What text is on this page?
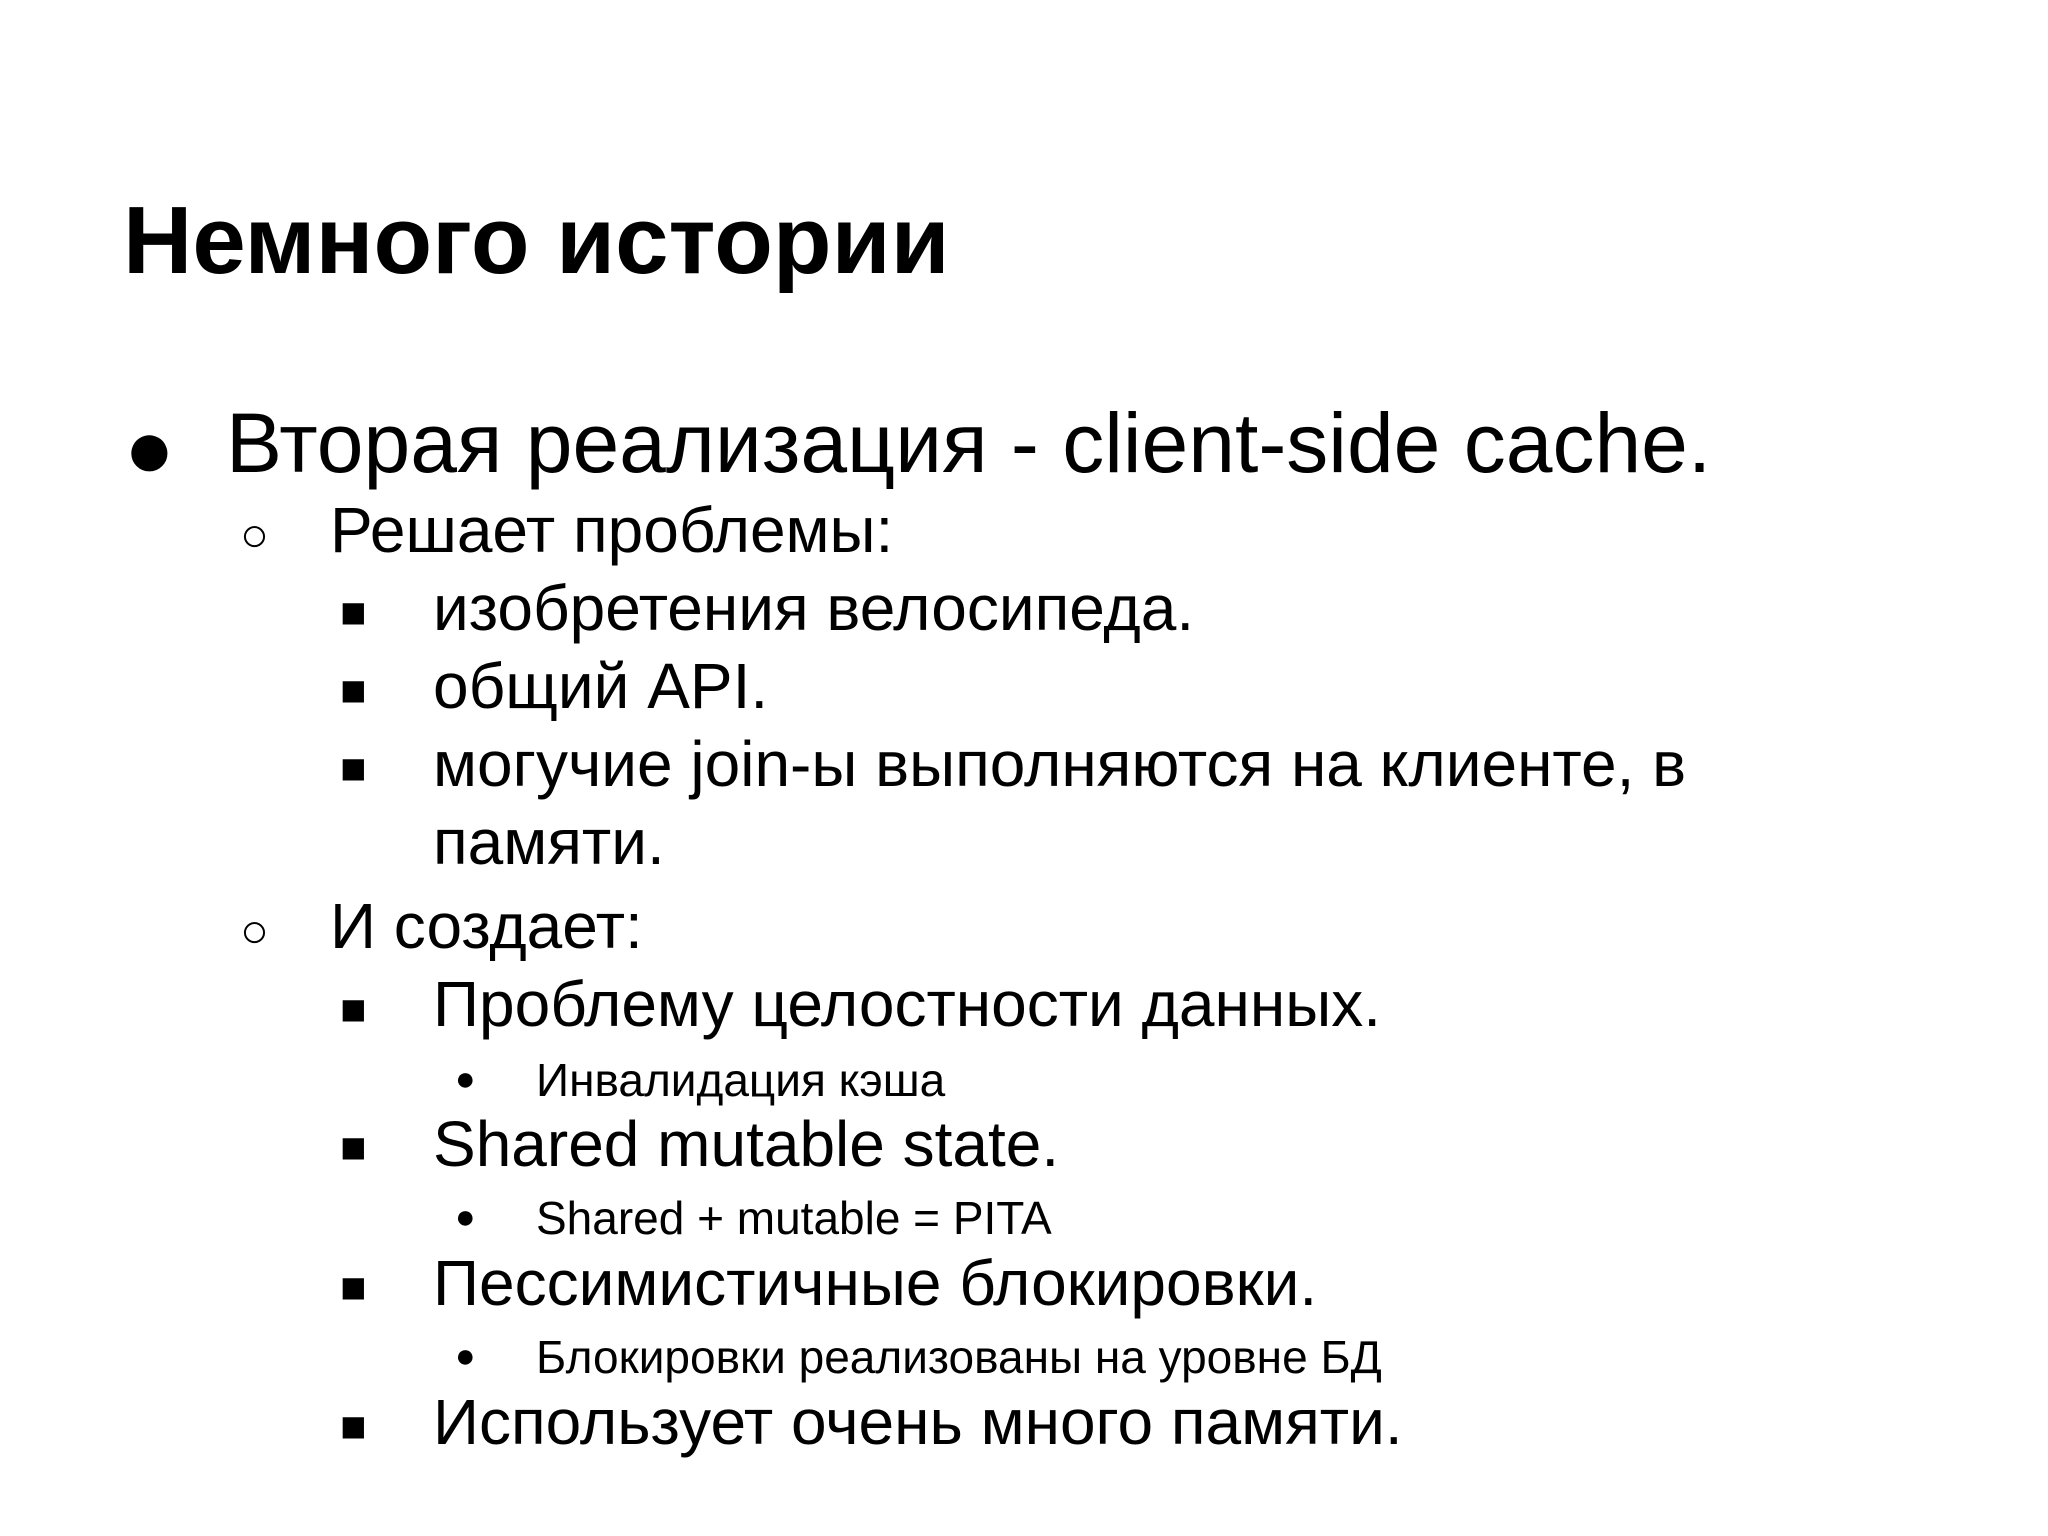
Немного истории
● Вторая реализация - client-side cache.
○ Решает проблемы:
■ изобретения велосипеда.
■ общий API.
■ могучие join-ы выполняются на клиенте, в
памяти.
○ И создает:
■ Проблему целостности данных.
● Инвалидация кэша
■ Shared mutable state.
● Shared + mutable = PITA
■ Пессимистичные блокировки.
● Блокировки реализованы на уровне БД
■ Использует очень много памяти.
